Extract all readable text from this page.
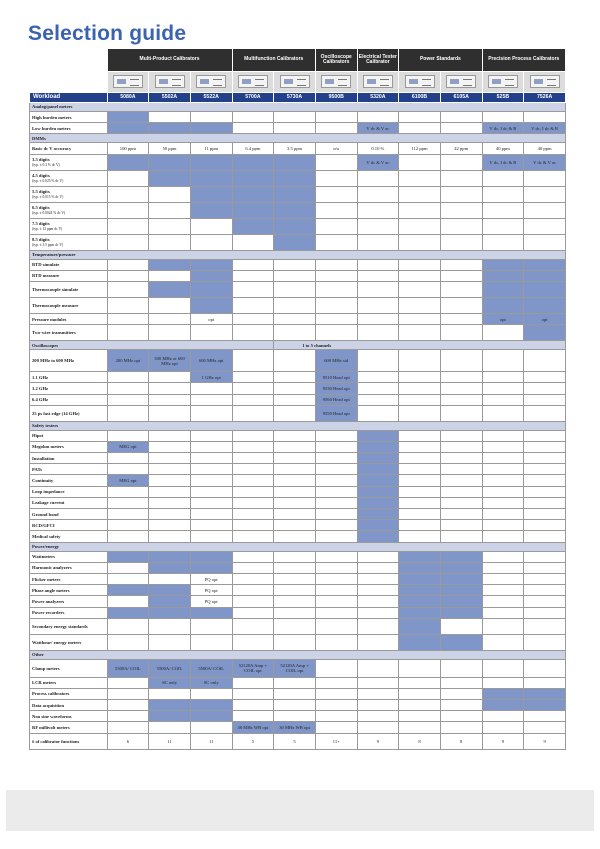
Selection guide
	Multi-Product Calibrators			Multifunction Calibrators		Oscilloscope Calibrators	Electrical Tester Calibrator	Power Standards		Precision Process Calibrators	

Workload	5080A	5502A	5522A	5700A	5730A	9500B	5320A	6100B	6105A	525B	7526A
Analog/panel meters											
High burden meters											
Low burden meters							V dc & V ac			V dc, I dc & R	V dc, I dc & R
DMMs											
Basic dc V accuracy	100 ppm	50 ppm	11 ppm	6.4 ppm	3.5 ppm	n/a	0.10 %	112 ppm	42 ppm	40 ppm	40 ppm
3.5 digits
(typ. ± 0.3 % dc V)							V dc & V ac			V dc, I dc & R	V dc & V ac
4.5 digits
(typ. ± 0.025 % dc V)											
5.5 digits
(typ. ± 0.015 % dc V)											
6.5 digits
(typ. ± 0.0024 % dc V)											
7.5 digits
(typ. ± 12 ppm dc V)											
8.5 digits
(typ. ± 3.5 ppm dc V)											
Temperature/pressure											
RTD simulate											
RTD measure											
Thermocouple simulate											
Thermocouple measure											
Pressure modules			opt							opt	opt
Two-wire transmitters											
Oscilloscopes					1 to 5 channels						
200 MHz to 600 MHz	200 MHz opt	300 MHz or 600 MHz opt	600 MHz opt			600 MHz std					
1.1 GHz			1 GHz opt			9510 Head opt					
3.2 GHz						9530 Head opt					
6.4 GHz						9560 Head opt					
25 ps fast edge (14 GHz)						9550 Head opt					
Safety testers											
Hipot											
Megohm meters	MEG opt										
Installation											
PATs											
Continuity	MEG opt										
Loop impedance											
Leakage current											
Ground bond											
RCD/GFCI											
Medical safety											
Power/energy											
Wattmeters											
Harmonic analyzers											
Flicker meters			PQ opt								
Phase angle meters			PQ opt								
Power analyzers			PQ opt								
Power recorders											
Secondary energy standards											
Watthour/ energy meters											
Other											
Clamp meters	5500A/ COIL	5500A/ COIL	5500A/ COIL	52120A Amp + COIL opt	52120A Amp + COIL opt						
LCR meters		SC only	SC only								
Process calibrators											
Data acquisition											
Non sine waveforms											
RF millivolt meters				30 MHz WB opt	30 MHz WB opt						
# of calibrator functions	6	11	11	5	5	11+	9	8	8	9	9
